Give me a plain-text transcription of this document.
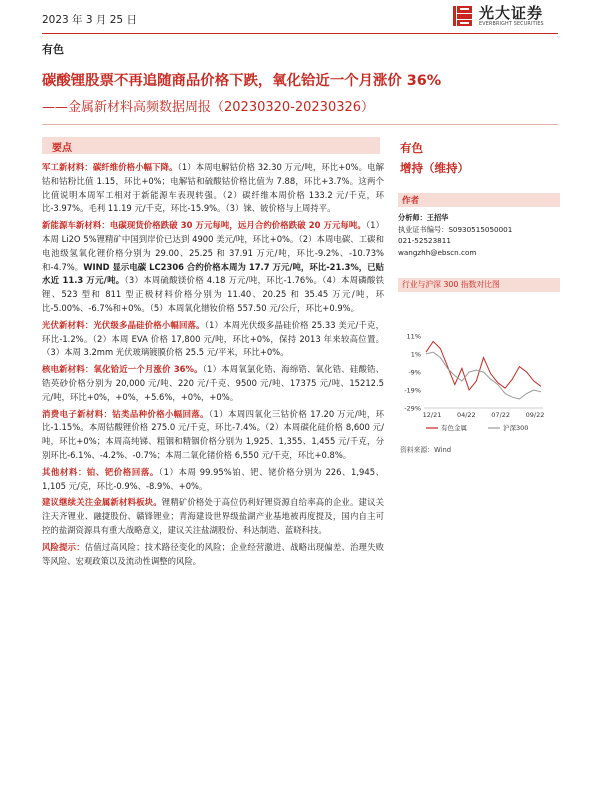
2023 年 3 月 25 日	光大证券
EVERBRIGHT SECURITIES
有色
碳酸锂股票不再追随商品价格下跌，氧化铪近一个月涨价 36%
——金属新材料高频数据周报（20230320-20230326）
要点

军工新材料：碳纤维价格小幅下降。（1）本周电解钴价格 32.30 万元/吨，环比+0%。电解钴和钴粉比值 1.15，环比+0%；电解钴和硫酸钴价格比值为 7.88，环比+3.7%。这两个比值说明本周军工相对于新能源车表现转强。（2）碳纤维本周价格 133.2 元/千克，环比-3.97%。毛利 11.19 元/千克，环比-15.9%。（3）铼、铍价格与上周持平。

新能源车新材料：电碳现货价格跌破 30 万元每吨，远月合约价格跌破 20 万元每吨。（1）本周 Li2O 5%锂精矿中国到岸价已达到 4900 美元/吨，环比+0%。（2）本周电碳、工碳和电池级氢氧化锂价格分别为 29.00、25.25 和 37.91 万元/吨，环比-9.2%、-10.73%和-4.7%。WIND 显示电碳 LC2306 合约价格本周为 17.7 万元/吨，环比-21.3%，已贴水近 11.3 万元/吨。（3）本周硫酸镁价格 4.18 万元/吨，环比-1.76%。（4）本周磷酸铁锂、523 型和 811 型正极材料价格分别为 11.40、20.25 和 35.45 万元/吨，环比-5.00%、-6.7%和+0%。（5）本周氧化镨钕价格 557.50 元/公斤，环比+0.9%。

光伏新材料：光伏级多晶硅价格小幅回落。（1）本周光伏级多晶硅价格 25.33 美元/千克，环比-1.2%。（2）本周 EVA 价格 17,800 元/吨，环比+0%，保持 2013 年来较高位置。（3）本周 3.2mm 光伏玻璃镀膜价格 25.5 元/平米，环比+0%。

核电新材料：氧化铪近一个月涨价 36%。（1）本周氧氯化锆、海绵锆、氧化锆、硅酸锆、锆英砂价格分别为 20,000 元/吨、220 元/千克、9500 元/吨、17375 元/吨、15212.5 元/吨，环比+0%，+0%，+5.6%，+0%，+0%。

消费电子新材料：钴类品种价格小幅回落。（1）本周四氧化三钴价格 17.20 万元/吨，环比-1.15%。本周钴酸锂价格 275.0 元/千克，环比-7.4%。（2）本周碳化硅价格 8,600 元/吨，环比+0%；本周高纯锑、粗铟和精铟价格分别为 1,925、1,355、1,455 元/千克，分别环比-6.1%、-4.2%、-0.7%；本周二氧化锗价格 6,550 元/千克，环比+0.8%。

其他材料：铂、钯价格回落。（1）本周 99.95%铂、钯、铑价格分别为 226、1,945、1,105 元/克，环比-0.9%、-8.9%、+0%。

建议继续关注金属新材料板块。锂精矿价格处于高位仍利好锂资源自给率高的企业。建议关注天齐锂业、融捷股份、赣锋锂业；青海建设世界级盐湖产业基地被再度提及，国内自主可控的盐湖资源具有重大战略意义，建议关注盐湖股份、科达制造、蓝晓科技。

风险提示：估值过高风险；技术路径变化的风险；企业经营激进、战略出现偏差、治理失败等风险、宏观政策以及流动性调整的风险。

有色
增持（维持）
作者
分析师：王招华
执业证书编号：S0930515050001
021-52523811
wangzhh@ebscn.com
行业与沪深 300 指数对比图
11%
1%
-9%
-19%
-29%
12/21 04/22 07/22 09/22
有色金属	沪深300
资料来源：Wind
